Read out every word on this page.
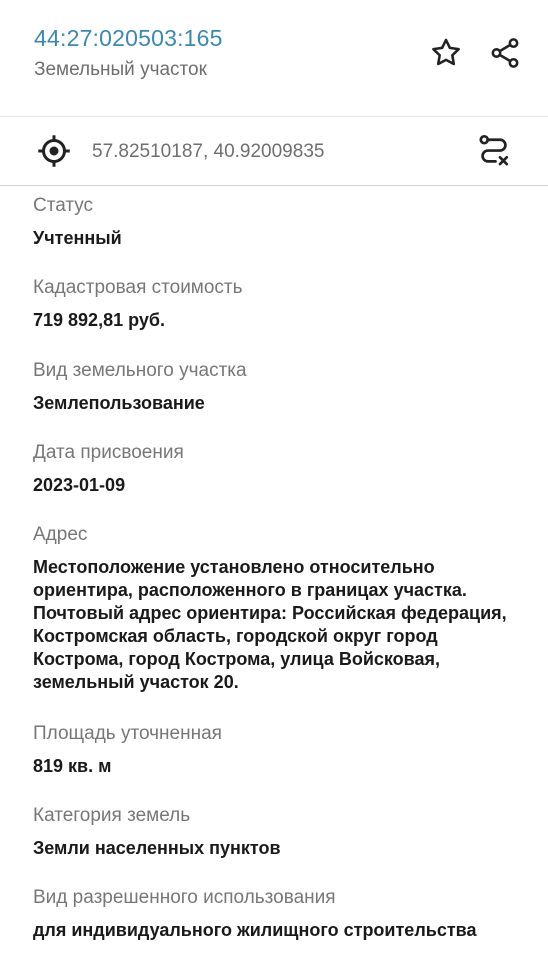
44:27:020503:165
Земельный участок
57.82510187, 40.92009835
Статус
Учтенный
Кадастровая стоимость
719 892,81 руб.
Вид земельного участка
Землепользование
Дата присвоения
2023-01-09
Адрес
Местоположение установлено относительно
ориентира, расположенного в границах участка.
Почтовый адрес ориентира: Российская федерация,
Костромская область, городской округ город
Кострома, город Кострома, улица Войсковая,
земельный участок 20.
Площадь уточненная
819 кв. м
Категория земель
Земли населенных пунктов
Вид разрешенного использования
для индивидуального жилищного строительства
